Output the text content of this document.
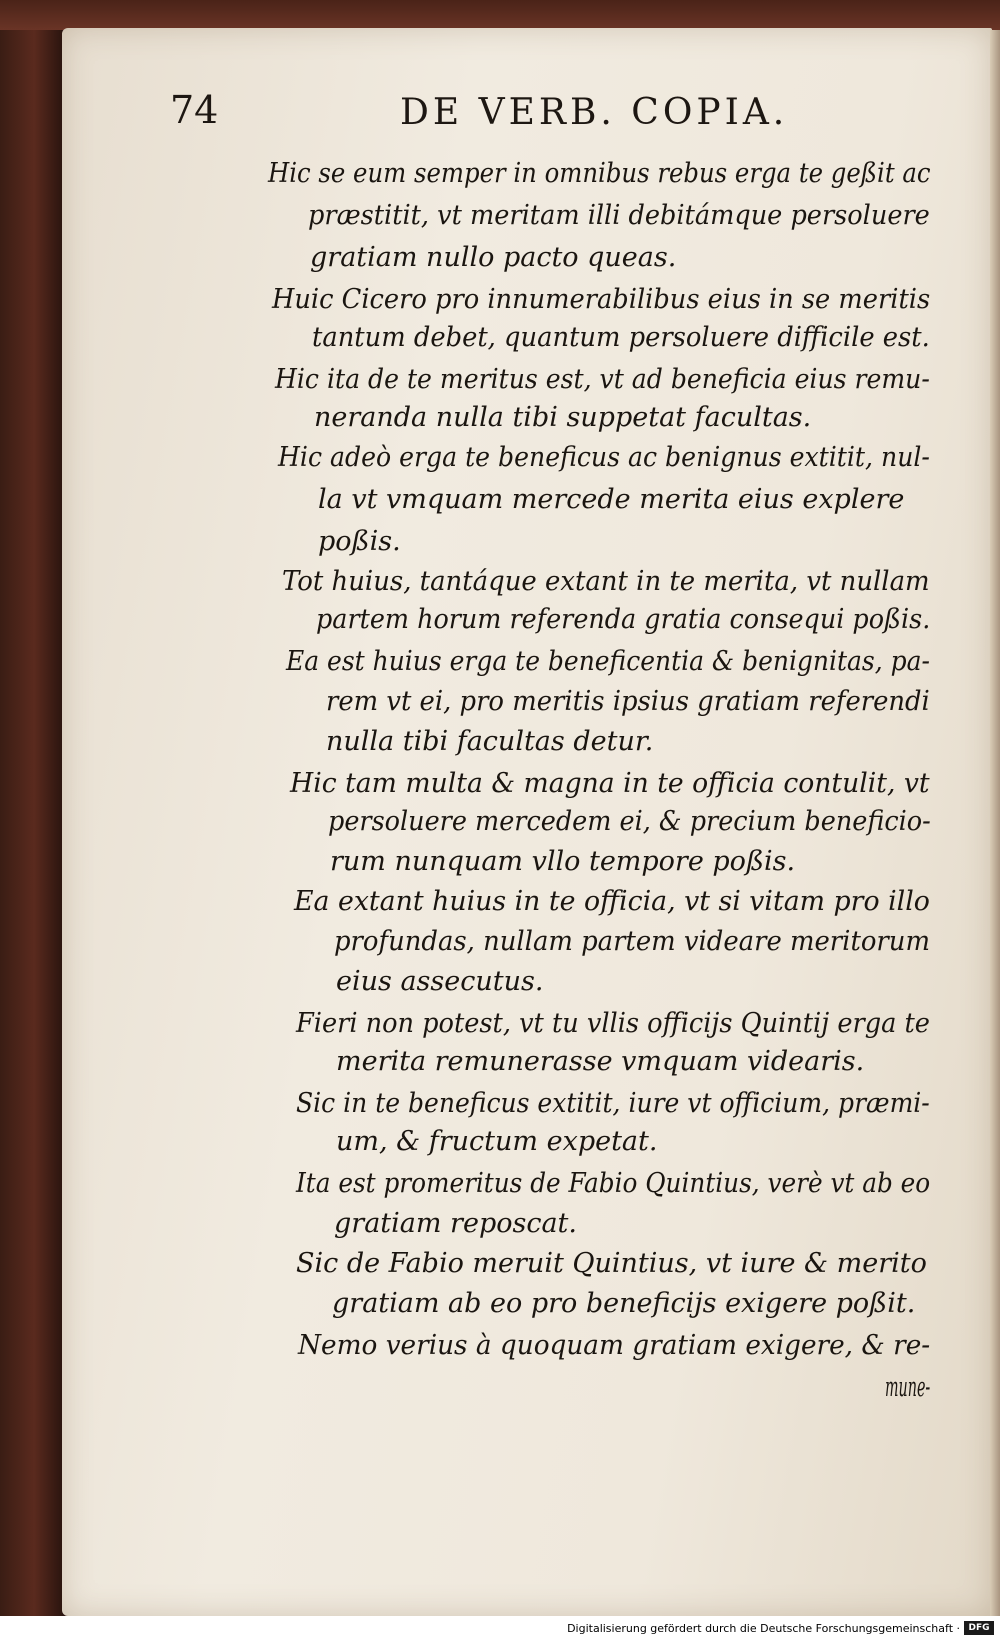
74	DE VERB. COPIA.
Hic se eum semper in omnibus rebus erga te geßit ac
præstitit, vt meritam illi debitámque persoluere
gratiam nullo pacto queas.
Huic Cicero pro innumerabilibus eius in se meritis
tantum debet, quantum persoluere difficile est.
Hic ita de te meritus est, vt ad beneficia eius remu-
neranda nulla tibi suppetat facultas.
Hic adeò erga te beneficus ac benignus extitit, nul-
la vt vmquam mercede merita eius explere
poßis.
Tot huius, tantáque extant in te merita, vt nullam
partem horum referenda gratia consequi poßis.
Ea est huius erga te beneficentia & benignitas, pa-
rem vt ei, pro meritis ipsius gratiam referendi
nulla tibi facultas detur.
Hic tam multa & magna in te officia contulit, vt
persoluere mercedem ei, & precium beneficio-
rum nunquam vllo tempore poßis.
Ea extant huius in te officia, vt si vitam pro illo
profundas, nullam partem videare meritorum
eius assecutus.
Fieri non potest, vt tu vllis officijs Quintij erga te
merita remunerasse vmquam videaris.
Sic in te beneficus extitit, iure vt officium, præmi-
um, & fructum expetat.
Ita est promeritus de Fabio Quintius, verè vt ab eo
gratiam reposcat.
Sic de Fabio meruit Quintius, vt iure & merito
gratiam ab eo pro beneficijs exigere poßit.
Nemo verius à quoquam gratiam exigere, & re-
mune-
Digitalisierung gefördert durch die Deutsche Forschungsgemeinschaft · DFG
